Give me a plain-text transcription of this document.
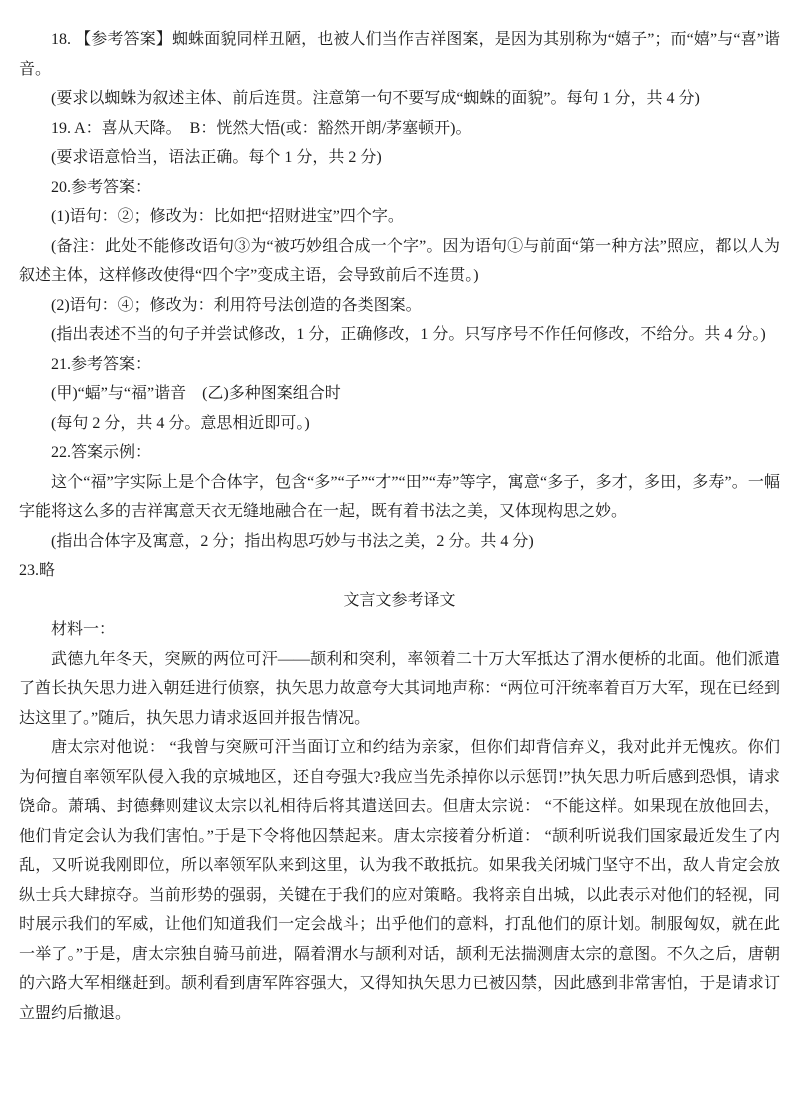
18. 【参考答案】蜘蛛面貌同样丑陋，也被人们当作吉祥图案，是因为其别称为“嬉子”；而“嬉”与“喜”谐音。

(要求以蜘蛛为叙述主体、前后连贯。注意第一句不要写成“蜘蛛的面貌”。每句 1 分，共 4 分)

19. A：喜从天降。　B：恍然大悟(或：豁然开朗/茅塞顿开)。

(要求语意恰当，语法正确。每个 1 分，共 2 分)

20.参考答案：

(1)语句：②；修改为：比如把“招财进宝”四个字。

(备注：此处不能修改语句③为“被巧妙组合成一个字”。因为语句①与前面“第一种方法”照应，都以人为叙述主体，这样修改使得“四个字”变成主语，会导致前后不连贯。)

(2)语句：④；修改为：利用符号法创造的各类图案。

(指出表述不当的句子并尝试修改，1 分，正确修改，1 分。只写序号不作任何修改，不给分。共 4 分。)

21.参考答案：

(甲)“蝠”与“福”谐音　(乙)多种图案组合时

(每句 2 分，共 4 分。意思相近即可。)

22.答案示例：

这个“福”字实际上是个合体字，包含“多”“子”“才”“田”“寿”等字，寓意“多子，多才，多田，多寿”。一幅字能将这么多的吉祥寓意天衣无缝地融合在一起，既有着书法之美，又体现构思之妙。

(指出合体字及寓意，2 分；指出构思巧妙与书法之美，2 分。共 4 分)

23.略

文言文参考译文

材料一：

武德九年冬天，突厥的两位可汗——颉利和突利，率领着二十万大军抵达了渭水便桥的北面。他们派遣了酋长执矢思力进入朝廷进行侦察，执矢思力故意夸大其词地声称：“两位可汗统率着百万大军，现在已经到达这里了。”随后，执矢思力请求返回并报告情况。

唐太宗对他说： “我曾与突厥可汗当面订立和约结为亲家，但你们却背信弃义，我对此并无愧疚。你们为何擅自率领军队侵入我的京城地区，还自夸强大?我应当先杀掉你以示惩罚!”执矢思力听后感到恐惧，请求饶命。萧瑀、封德彝则建议太宗以礼相待后将其遣送回去。但唐太宗说： “不能这样。如果现在放他回去，他们肯定会认为我们害怕。”于是下令将他囚禁起来。唐太宗接着分析道： “颉利听说我们国家最近发生了内乱，又听说我刚即位，所以率领军队来到这里，认为我不敢抵抗。如果我关闭城门坚守不出，敌人肯定会放纵士兵大肆掠夺。当前形势的强弱，关键在于我们的应对策略。我将亲自出城，以此表示对他们的轻视，同时展示我们的军威，让他们知道我们一定会战斗；出乎他们的意料，打乱他们的原计划。制服匈奴，就在此一举了。”于是，唐太宗独自骑马前进，隔着渭水与颉利对话，颉利无法揣测唐太宗的意图。不久之后，唐朝的六路大军相继赶到。颉利看到唐军阵容强大，又得知执矢思力已被囚禁，因此感到非常害怕，于是请求订立盟约后撤退。
